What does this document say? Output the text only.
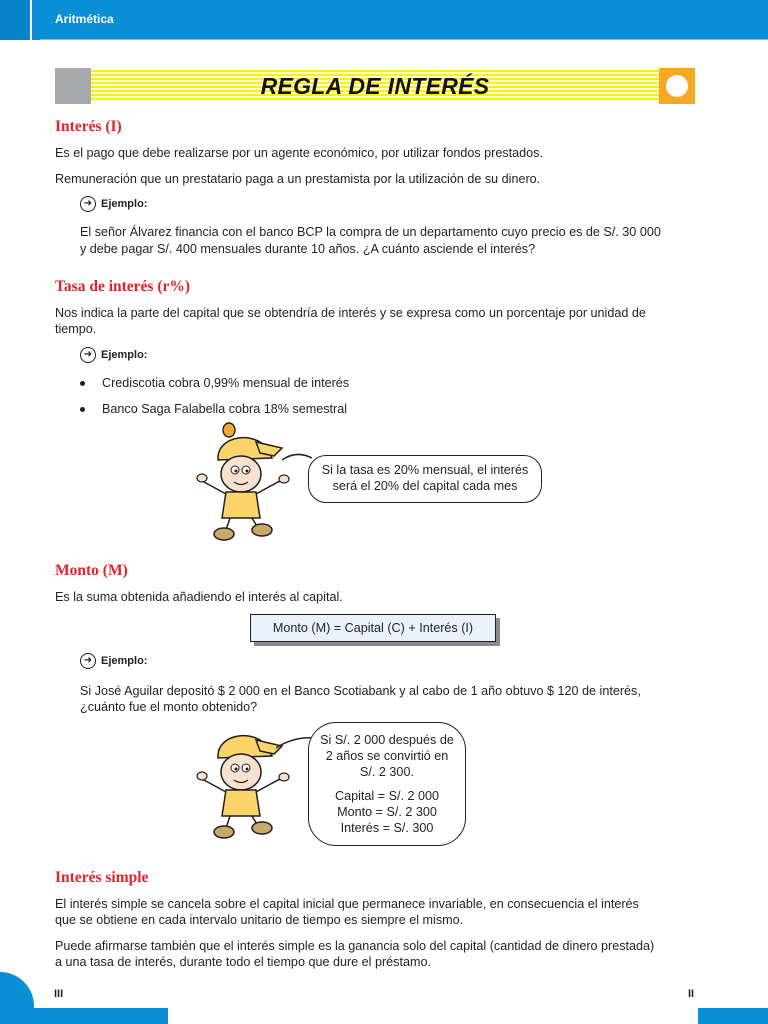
Aritmética
REGLA DE INTERÉS
Interés (I)
Es el pago que debe realizarse por un agente económico, por utilizar fondos prestados.
Remuneración que un prestatario paga a un prestamista por la utilización de su dinero.
➜ Ejemplo:
El señor Álvarez financia con el banco BCP la compra de un departamento cuyo precio es de S/. 30 000
y debe pagar S/. 400 mensuales durante 10 años. ¿A cuánto asciende el interés?
Tasa de interés (r%)
Nos indica la parte del capital que se obtendría de interés y se expresa como un porcentaje por unidad de
tiempo.
➜ Ejemplo:
Crediscotia cobra 0,99% mensual de interés
Banco Saga Falabella cobra 18% semestral
Si la tasa es 20% mensual, el interés
será el 20% del capital cada mes
Monto (M)
Es la suma obtenida añadiendo el interés al capital.
Monto (M) = Capital (C) + Interés (I)
➜ Ejemplo:
Si José Aguilar depositó $ 2 000 en el Banco Scotiabank y al cabo de 1 año obtuvo $ 120 de interés,
¿cuánto fue el monto obtenido?
Si S/. 2 000 después de
2 años se convirtió en
S/. 2 300.
Capital = S/. 2 000
Monto = S/. 2 300
Interés = S/. 300
Interés simple
El interés simple se cancela sobre el capital inicial que permanece invariable, en consecuencia el interés
que se obtiene en cada intervalo unitario de tiempo es siempre el mismo.
Puede afirmarse también que el interés simple es la ganancia solo del capital (cantidad de dinero prestada)
a una tasa de interés, durante todo el tiempo que dure el préstamo.
III	II
